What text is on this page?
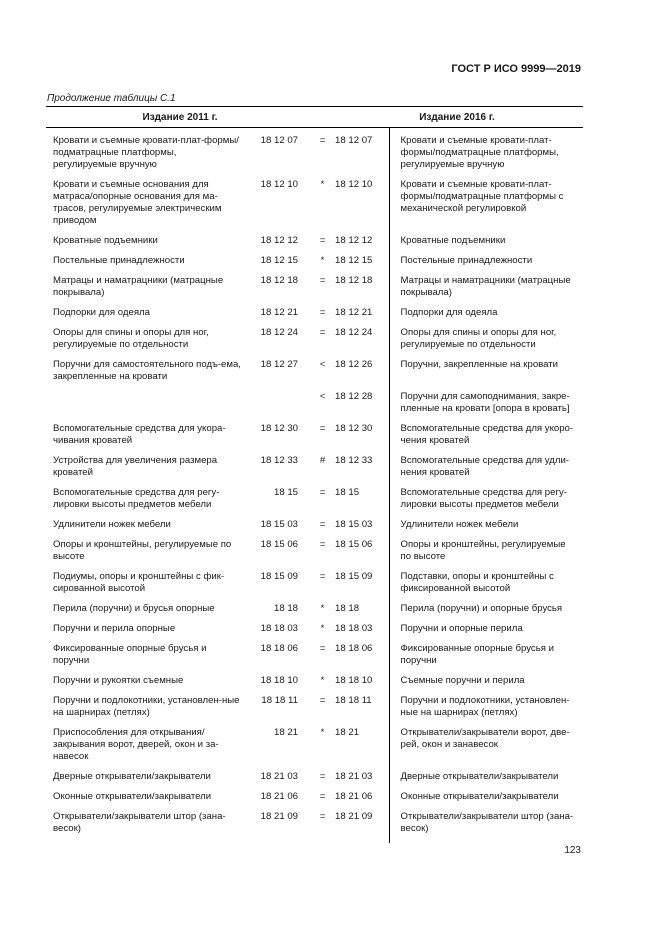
ГОСТ Р ИСО 9999—2019
Продолжение таблицы С.1
Издание 2011 г.			Издание 2016 г.	

Кровати и съемные кровати-плат-формы/подматрацные платформы, регулируемые вручную	18 12 07	=	18 12 07	Кровати и съемные кровати-плат-формы/подматрацные платформы, регулируемые вручную
Кровати и съемные основания для матраса/опорные основания для ма-трасов, регулируемые электрическим приводом	18 12 10	*	18 12 10	Кровати и съемные кровати-плат-формы/подматрацные платформы с механической регулировкой
Кроватные подъемники	18 12 12	=	18 12 12	Кроватные подъемники
Постельные принадлежности	18 12 15	*	18 12 15	Постельные принадлежности
Матрацы и наматрацники (матрацные покрывала)	18 12 18	=	18 12 18	Матрацы и наматрацники (матрацные покрывала)
Подпорки для одеяла	18 12 21	=	18 12 21	Подпорки для одеяла
Опоры для спины и опоры для ног, регулируемые по отдельности	18 12 24	=	18 12 24	Опоры для спины и опоры для ног, регулируемые по отдельности
Поручни для самостоятельного подъ-ема, закрепленные на кровати	18 12 27	<	18 12 26	Поручни, закрепленные на кровати
		<	18 12 28	Поручни для самоподнимания, закре-пленные на кровати [опора в кровать]
Вспомогательные средства для укора-чивания кроватей	18 12 30	=	18 12 30	Вспомогательные средства для укоро-чения кроватей
Устройства для увеличения размера кроватей	18 12 33	#	18 12 33	Вспомогательные средства для удли-нения кроватей
Вспомогательные средства для регу-лировки высоты предметов мебели	18 15	=	18 15	Вспомогательные средства для регу-лировки высоты предметов мебели
Удлинители ножек мебели	18 15 03	=	18 15 03	Удлинители ножек мебели
Опоры и кронштейны, регулируемые по высоте	18 15 06	=	18 15 06	Опоры и кронштейны, регулируемые по высоте
Подиумы, опоры и кронштейны с фик-сированной высотой	18 15 09	=	18 15 09	Подставки, опоры и кронштейны с фиксированной высотой
Перила (поручни) и брусья опорные	18 18	*	18 18	Перила (поручни) и опорные брусья
Поручни и перила опорные	18 18 03	*	18 18 03	Поручни и опорные перила
Фиксированные опорные брусья и поручни	18 18 06	=	18 18 06	Фиксированные опорные брусья и поручни
Поручни и рукоятки съемные	18 18 10	*	18 18 10	Съемные поручни и перила
Поручни и подлокотники, установлен-ные на шарнирах (петлях)	18 18 11	=	18 18 11	Поручни и подлокотники, установлен-ные на шарнирах (петлях)
Приспособления для открывания/ закрывания ворот, дверей, окон и за-навесок	18 21	*	18 21	Открыватели/закрыватели ворот, две-рей, окон и занавесок
Дверные открыватели/закрыватели	18 21 03	=	18 21 03	Дверные открыватели/закрыватели
Оконные открыватели/закрыватели	18 21 06	=	18 21 06	Оконные открыватели/закрыватели
Открыватели/закрыватели штор (зана-весок)	18 21 09	=	18 21 09	Открыватели/закрыватели штор (зана-весок)
123
